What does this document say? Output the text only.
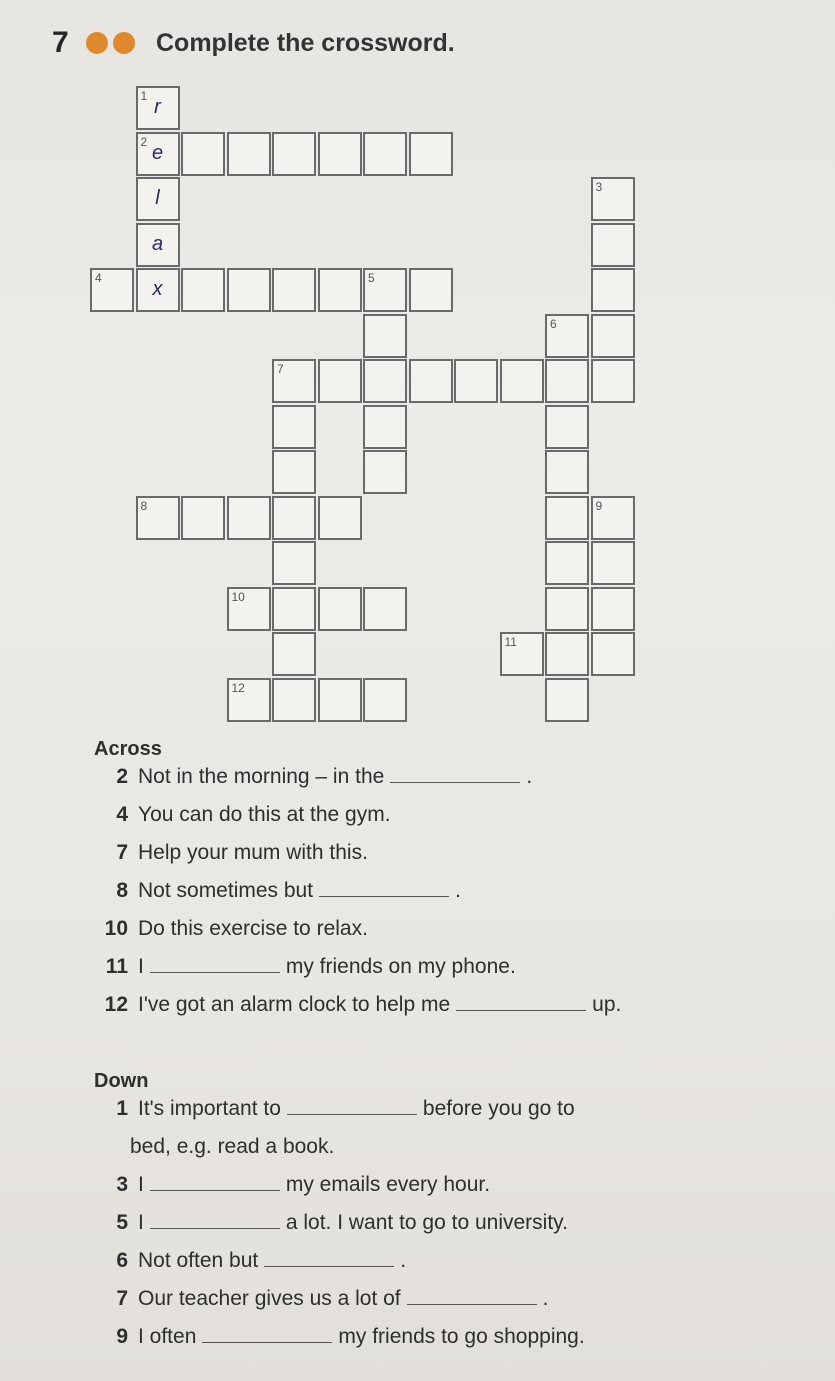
7	Complete the crossword.
1 r
2 e
l	3
a
4	x	5
6
7
8	9
10
11
12
Across
2 Not in the morning – in the	.
4 You can do this at the gym.
7 Help your mum with this.
8 Not sometimes but	.
10 Do this exercise to relax.
11 I	my friends on my phone.
12 I've got an alarm clock to help me	up.
Down
1 It's important to	before you go to
bed, e.g. read a book.
3 I	my emails every hour.
5 I	a lot. I want to go to university.
6 Not often but	.
7 Our teacher gives us a lot of	.
9 I often	my friends to go shopping.
